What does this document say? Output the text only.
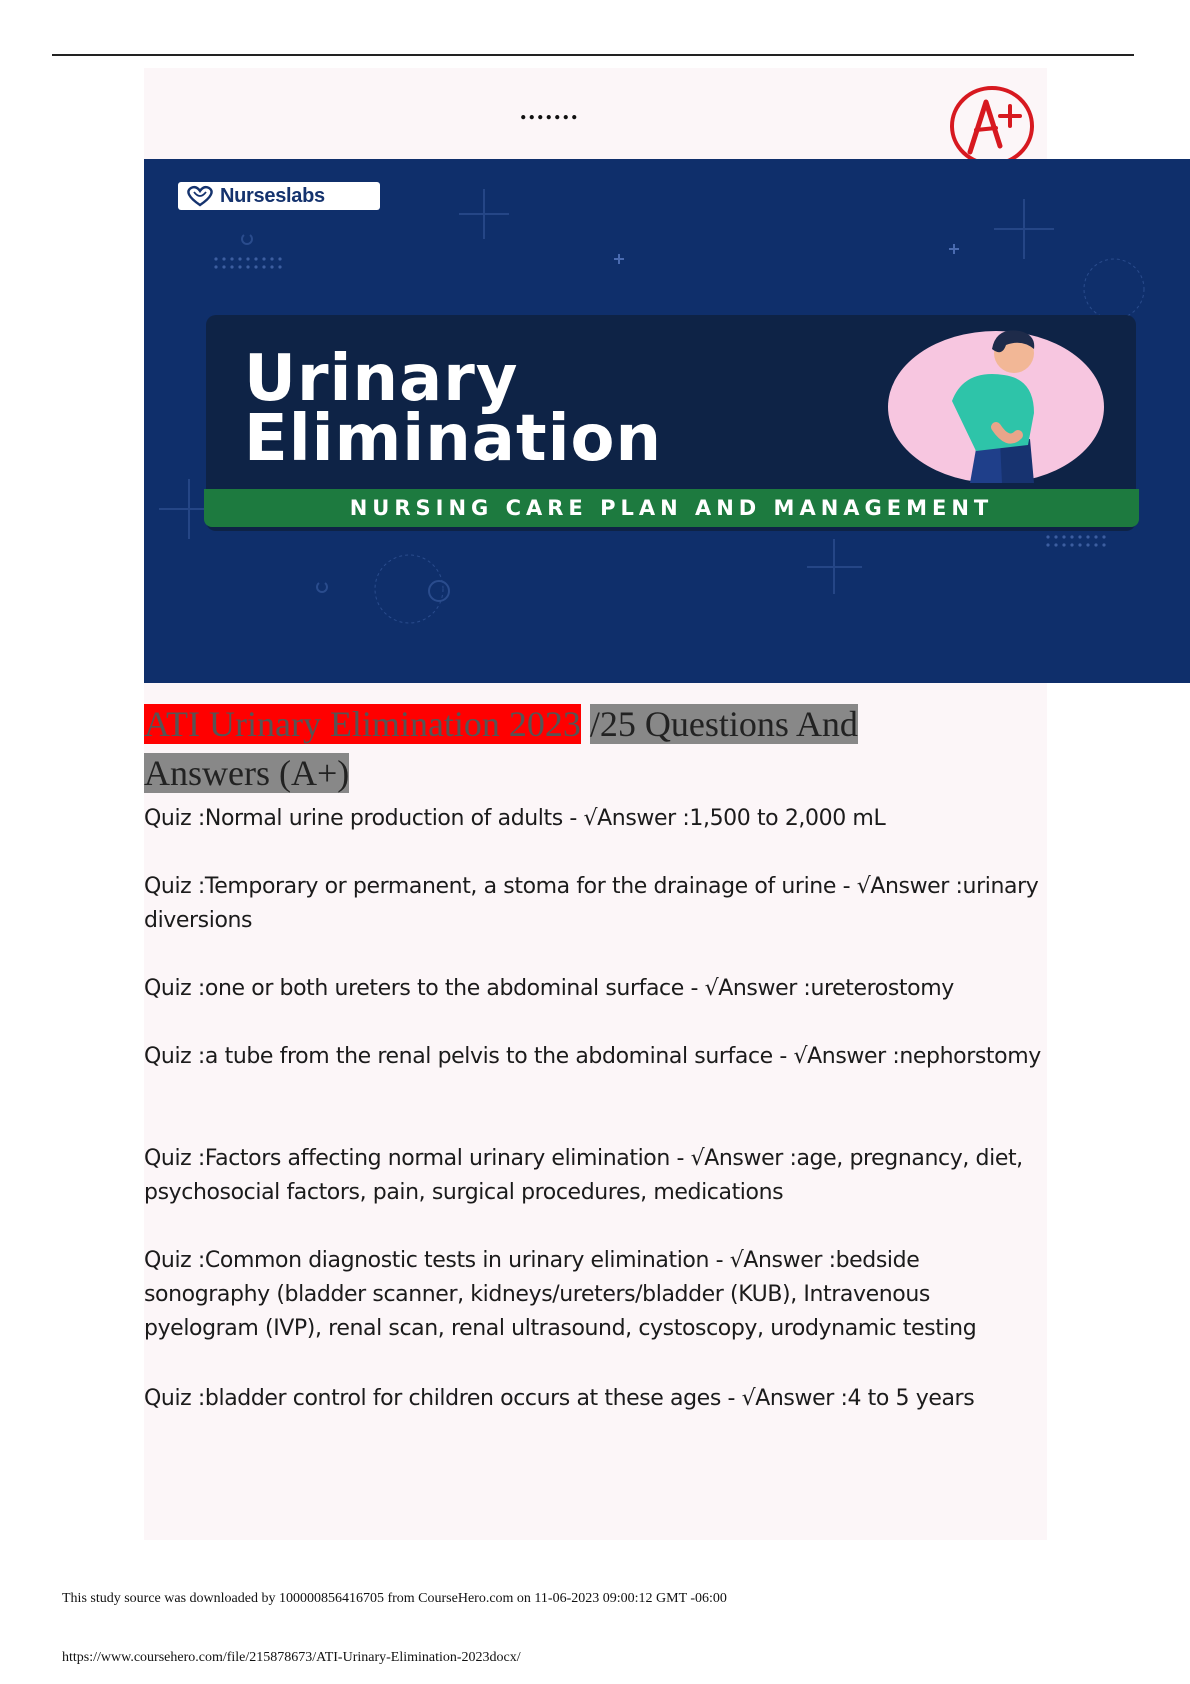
.......
Nurseslabs
Urinary
Elimination
NURSING CARE PLAN AND MANAGEMENT
ATI Urinary Elimination 2023 /25 Questions And
Answers (A+)
Quiz :Normal urine production of adults - √Answer :1,500 to 2,000 mL
Quiz :Temporary or permanent, a stoma for the drainage of urine - √Answer :urinary diversions
Quiz :one or both ureters to the abdominal surface - √Answer :ureterostomy
Quiz :a tube from the renal pelvis to the abdominal surface - √Answer :nephorstomy
Quiz :Factors affecting normal urinary elimination - √Answer :age, pregnancy, diet, psychosocial factors, pain, surgical procedures, medications
Quiz :Common diagnostic tests in urinary elimination - √Answer :bedside sonography (bladder scanner, kidneys/ureters/bladder (KUB), Intravenous pyelogram (IVP), renal scan, renal ultrasound, cystoscopy, urodynamic testing
Quiz :bladder control for children occurs at these ages - √Answer :4 to 5 years
This study source was downloaded by 100000856416705 from CourseHero.com on 11-06-2023 09:00:12 GMT -06:00
https://www.coursehero.com/file/215878673/ATI-Urinary-Elimination-2023docx/
